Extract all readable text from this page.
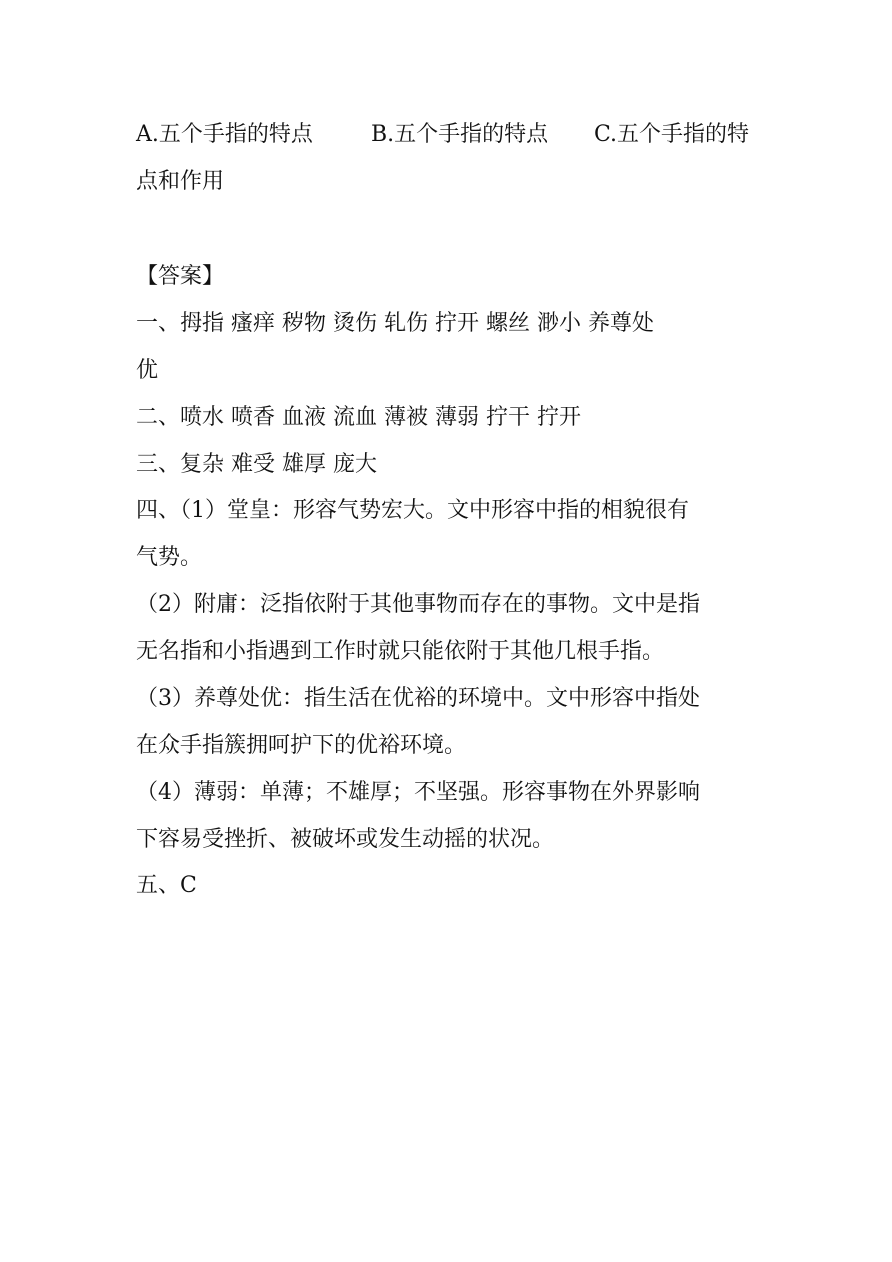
A.五个手指的特点	B.五个手指的特点 C.五个手指的特
点和作用
【答案】
一、拇指 瘙痒 秽物 烫伤 轧伤 拧开 螺丝 渺小 养尊处
优
二、喷水 喷香 血液 流血 薄被 薄弱 拧干 拧开
三、复杂 难受 雄厚 庞大
四、（1）堂皇：形容气势宏大。文中形容中指的相貌很有
气势。
（2）附庸：泛指依附于其他事物而存在的事物。文中是指
无名指和小指遇到工作时就只能依附于其他几根手指。
（3）养尊处优：指生活在优裕的环境中。文中形容中指处
在众手指簇拥呵护下的优裕环境。
（4）薄弱：单薄；不雄厚；不坚强。形容事物在外界影响
下容易受挫折、被破坏或发生动摇的状况。
五、C
